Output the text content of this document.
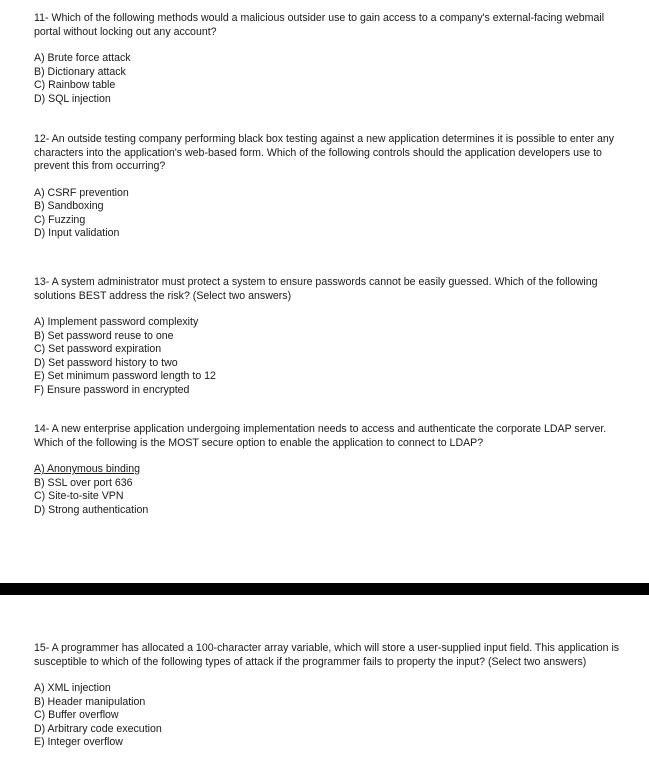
11- Which of the following methods would a malicious outsider use to gain access to a company's external-facing webmail portal without locking out any account?

A) Brute force attack
B) Dictionary attack
C) Rainbow table
D) SQL injection

12- An outside testing company performing black box testing against a new application determines it is possible to enter any characters into the application's web-based form. Which of the following controls should the application developers use to prevent this from occurring?

A) CSRF prevention
B) Sandboxing
C) Fuzzing
D) Input validation

13- A system administrator must protect a system to ensure passwords cannot be easily guessed. Which of the following solutions BEST address the risk? (Select two answers)

A) Implement password complexity
B) Set password reuse to one
C) Set password expiration
D) Set password history to two
E) Set minimum password length to 12
F) Ensure password in encrypted

14- A new enterprise application undergoing implementation needs to access and authenticate the corporate LDAP server. Which of the following is the MOST secure option to enable the application to connect to LDAP?

A) Anonymous binding
B) SSL over port 636
C) Site-to-site VPN
D) Strong authentication

15- A programmer has allocated a 100-character array variable, which will store a user-supplied input field. This application is susceptible to which of the following types of attack if the programmer fails to property the input? (Select two answers)

A) XML injection
B) Header manipulation
C) Buffer overflow
D) Arbitrary code execution
E) Integer overflow
